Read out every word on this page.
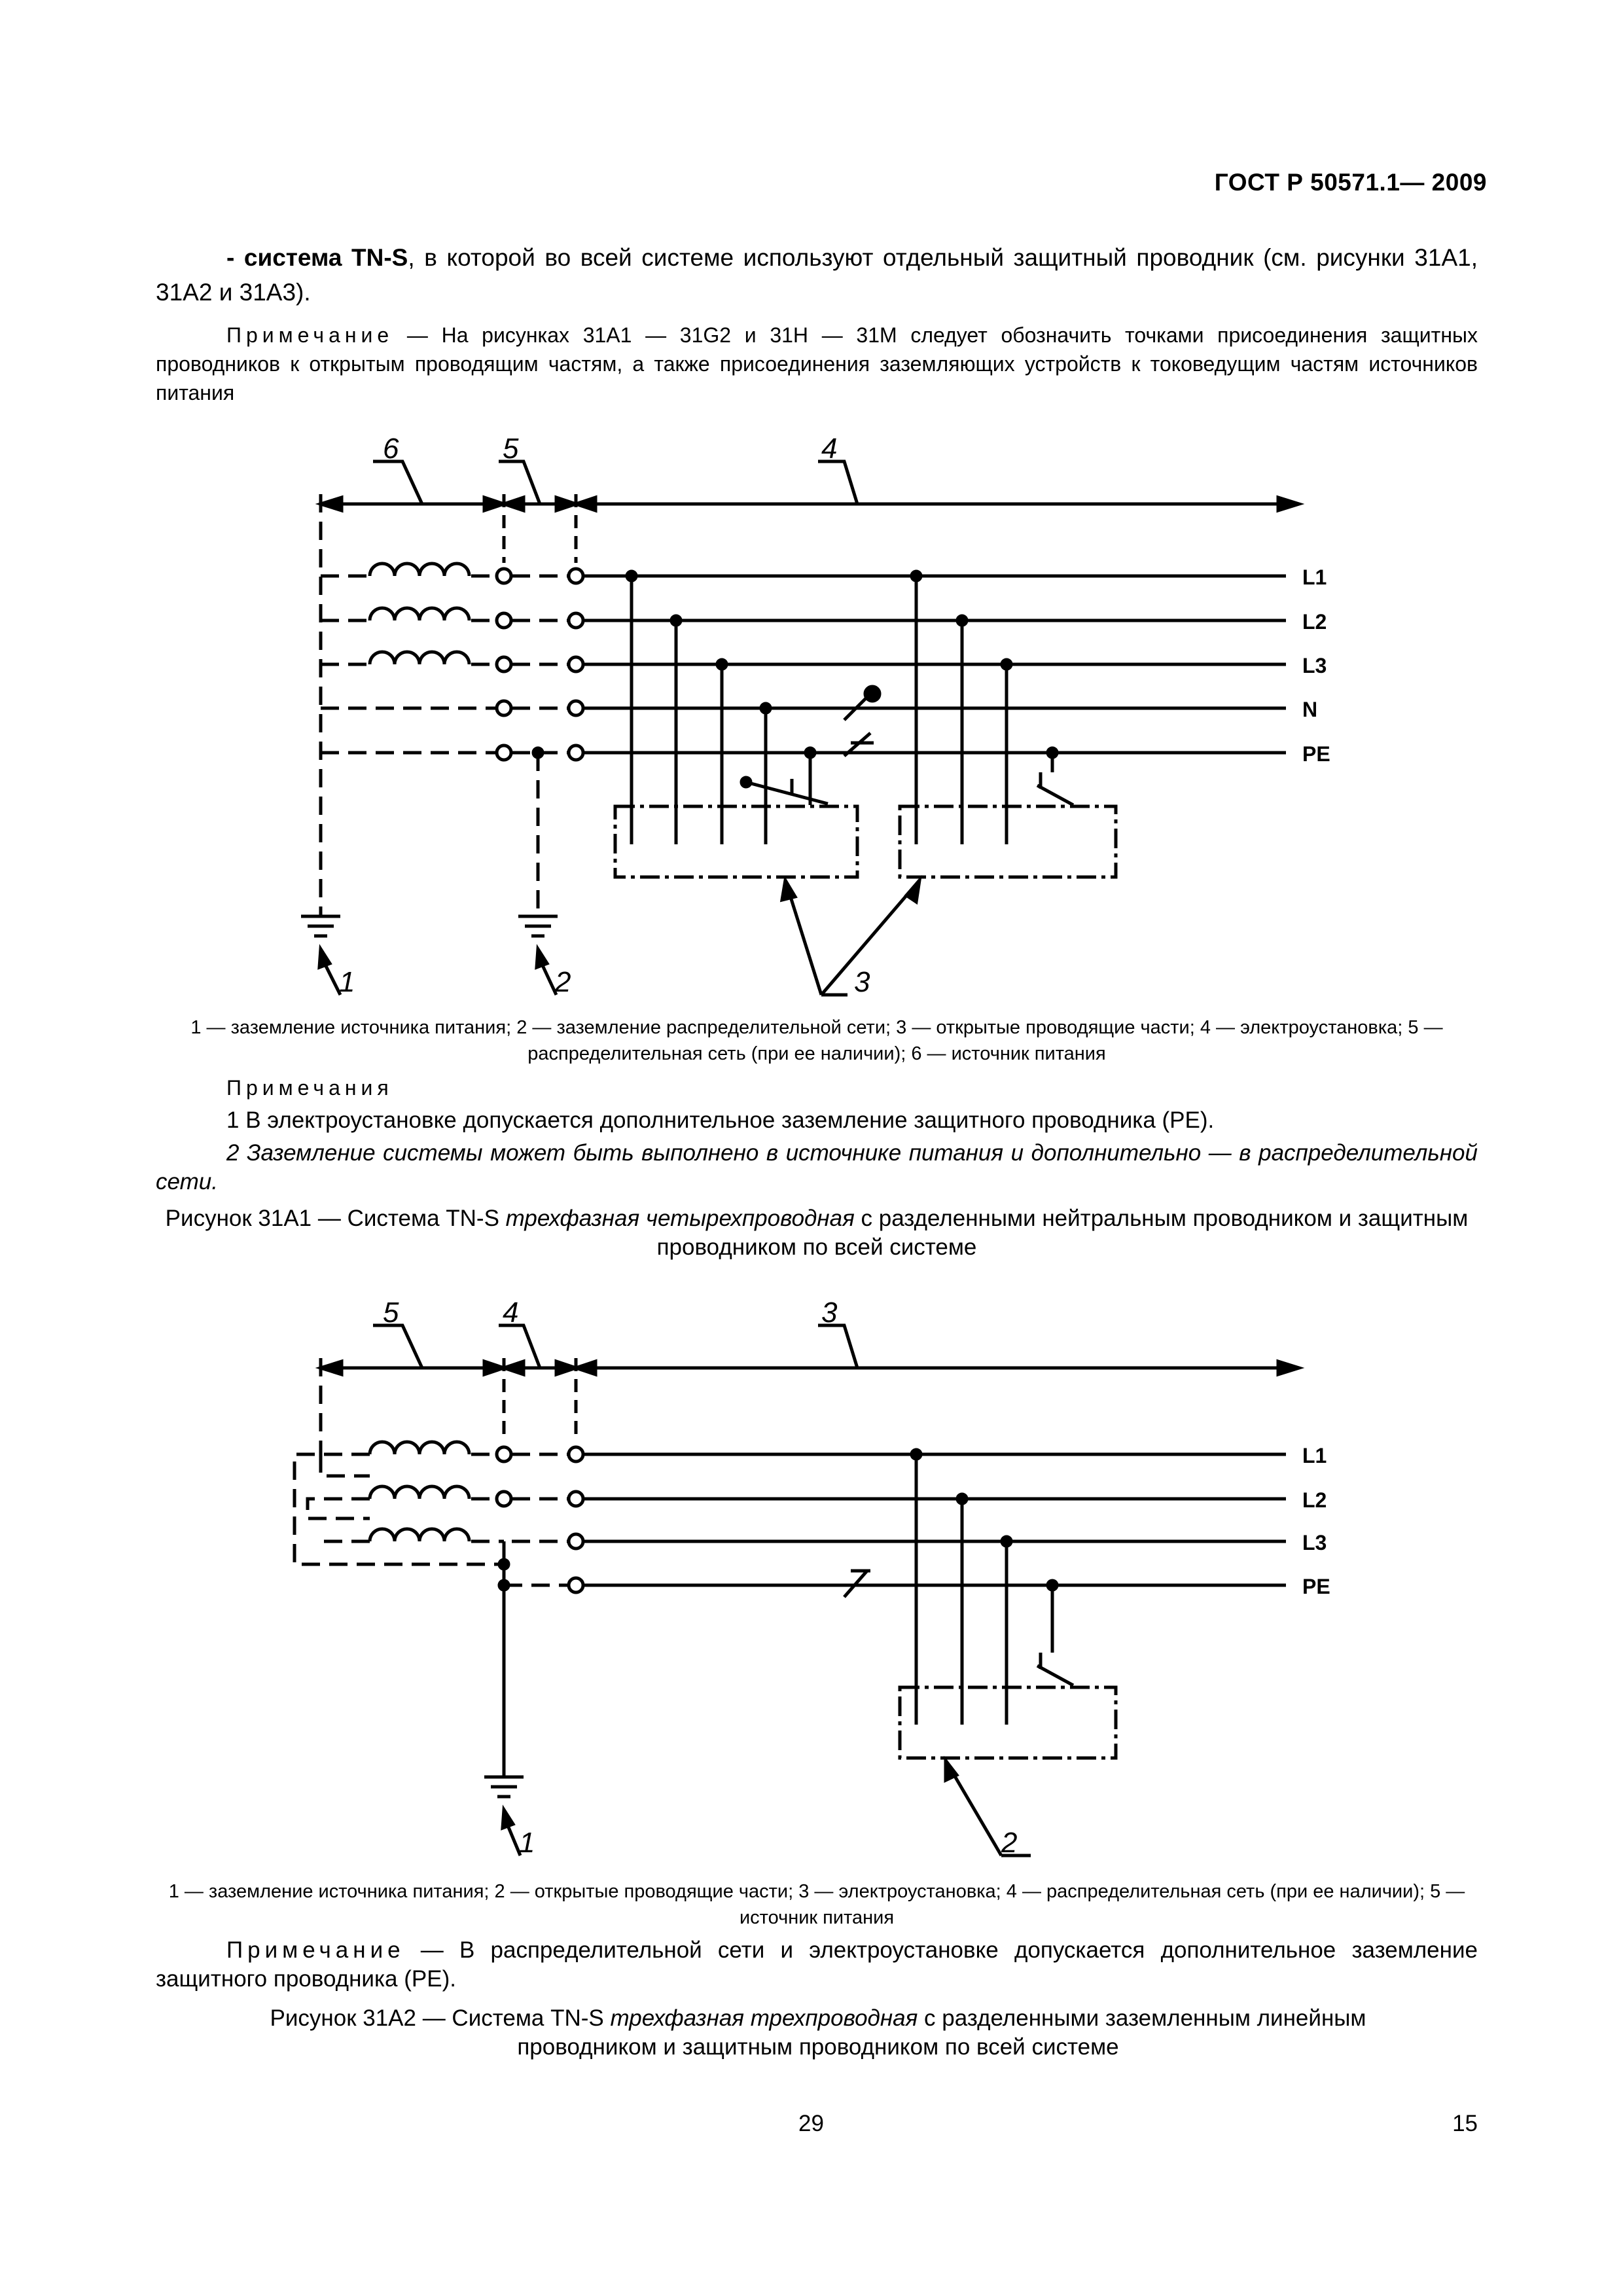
ГОСТ Р 50571.1— 2009
- система TN-S, в которой во всей системе используют отдельный защитный проводник (см. рисунки 31А1, 31А2 и 31А3).
Примечание — На рисунках 31А1 — 31G2 и 31Н — 31М следует обозначить точками присоединения защитных проводников к открытым проводящим частям, а также присоединения заземляющих устройств к токоведущим частям источников питания
6	5	4
3
1	2
L1
L2
L3
N
PE
1 — заземление источника питания; 2 — заземление распределительной сети; 3 — открытые проводящие части; 4 — электроустановка; 5 — распределительная сеть (при ее наличии); 6 — источник питания
Примечания
1 В электроустановке допускается дополнительное заземление защитного проводника (РЕ).
2 Заземление системы может быть выполнено в источнике питания и дополнительно — в распределительной сети.
Рисунок 31А1 — Система TN-S трехфазная четырехпроводная с разделенными нейтральным проводником и защитным проводником по всей системе
5	4	3
1	2
L1
L2
L3
PE
1 — заземление источника питания; 2 — открытые проводящие части; 3 — электроустановка; 4 — распределительная сеть (при ее наличии); 5 — источник питания
Примечание — В распределительной сети и электроустановке допускается дополнительное заземление защитного проводника (РЕ).
Рисунок 31А2 — Система TN-S трехфазная трехпроводная с разделенными заземленным линейным проводником и защитным проводником по всей системе
29	15
